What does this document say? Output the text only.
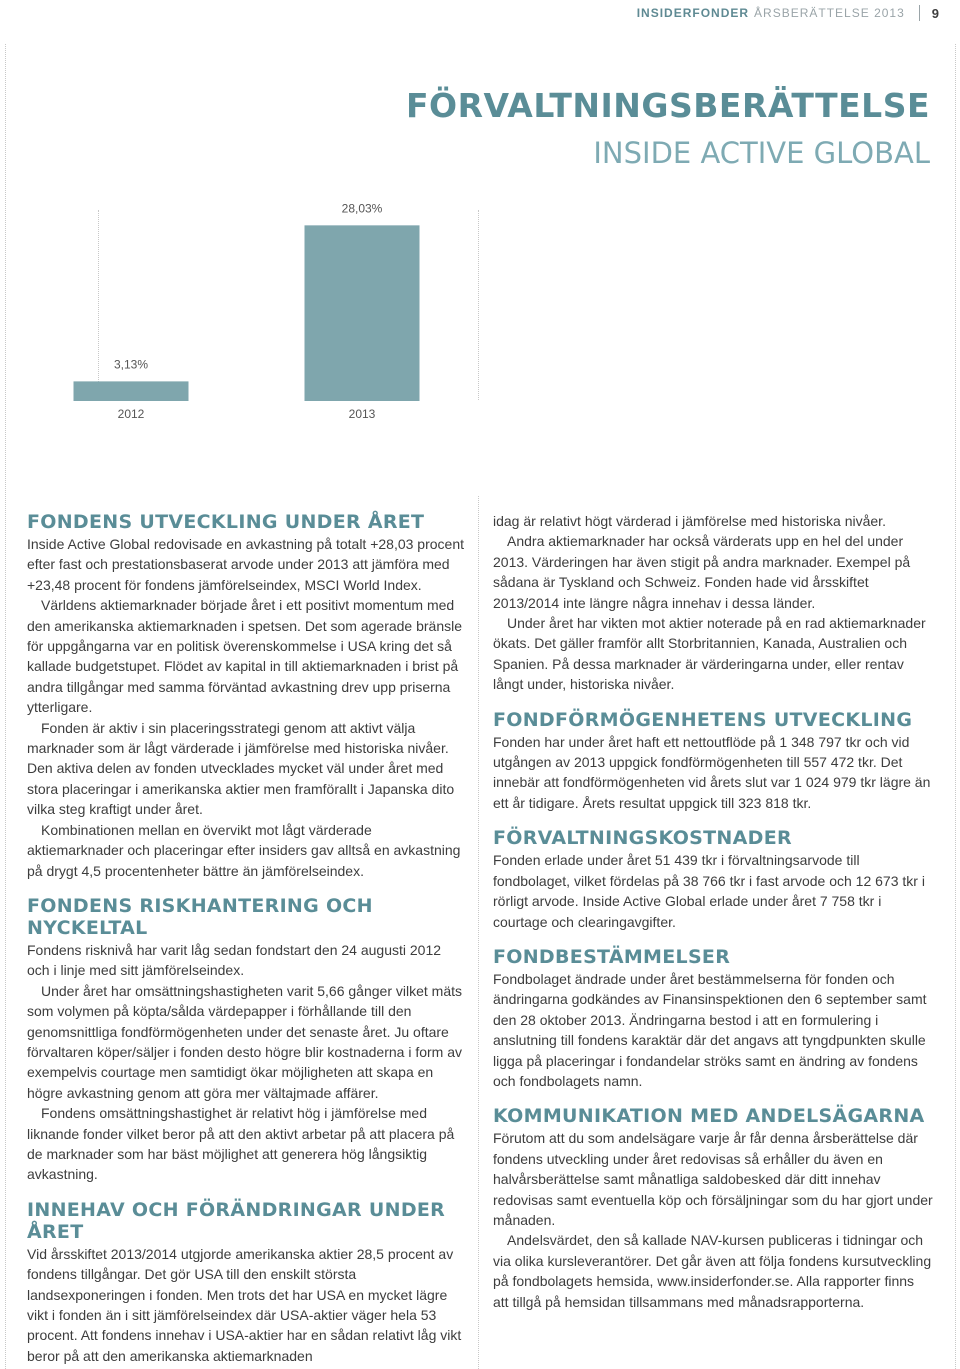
INSIDERFONDER ÅRSBERÄTTELSE 2013 9
FÖRVALTNINGSBERÄTTELSE
INSIDE ACTIVE GLOBAL
3,13%
2012
28,03%
2013
FONDENS UTVECKLING UNDER ÅRET

Inside Active Global redovisade en avkastning på totalt +28,03 procent efter fast och prestationsbaserat arvode under 2013 att jämföra med +23,48 procent för fondens jämförelseindex, MSCI World Index.

Världens aktiemarknader började året i ett positivt momentum med den amerikanska aktiemarknaden i spetsen. Det som agerade bränsle för uppgångarna var en politisk överenskommelse i USA kring det så kallade budgetstupet. Flödet av kapital in till aktiemarknaden i brist på andra tillgångar med samma förväntad avkastning drev upp priserna ytterligare.

Fonden är aktiv i sin placeringsstrategi genom att aktivt välja marknader som är lågt värderade i jämförelse med historiska nivåer. Den aktiva delen av fonden utvecklades mycket väl under året med stora placeringar i amerikanska aktier men framförallt i Japanska dito vilka steg kraftigt under året.

Kombinationen mellan en övervikt mot lågt värderade aktiemarknader och placeringar efter insiders gav alltså en avkastning på drygt 4,5 procentenheter bättre än jämförelseindex.

FONDENS RISKHANTERING OCH NYCKELTAL

Fondens risknivå har varit låg sedan fondstart den 24 augusti 2012 och i linje med sitt jämförelseindex.

Under året har omsättningshastigheten varit 5,66 gånger vilket mäts som volymen på köpta/sålda värdepapper i förhållande till den genomsnittliga fondförmögenheten under det senaste året. Ju oftare förvaltaren köper/säljer i fonden desto högre blir kostnaderna i form av exempelvis courtage men samtidigt ökar möjligheten att skapa en högre avkastning genom att göra mer vältajmade affärer.

Fondens omsättningshastighet är relativt hög i jämförelse med liknande fonder vilket beror på att den aktivt arbetar på att placera på de marknader som har bäst möjlighet att generera hög långsiktig avkastning.

INNEHAV OCH FÖRÄNDRINGAR UNDER ÅRET

Vid årsskiftet 2013/2014 utgjorde amerikanska aktier 28,5 procent av fondens tillgångar. Det gör USA till den enskilt största landsexponeringen i fonden. Men trots det har USA en mycket lägre vikt i fonden än i sitt jämförelseindex där USA-aktier väger hela 53 procent. Att fondens innehav i USA-aktier har en sådan relativt låg vikt beror på att den amerikanska aktiemarknaden

idag är relativt högt värderad i jämförelse med historiska nivåer.

Andra aktiemarknader har också värderats upp en hel del under 2013. Värderingen har även stigit på andra marknader. Exempel på sådana är Tyskland och Schweiz. Fonden hade vid årsskiftet 2013/2014 inte längre några innehav i dessa länder.

Under året har vikten mot aktier noterade på en rad aktiemarknader ökats. Det gäller framför allt Storbritannien, Kanada, Australien och Spanien. På dessa marknader är värderingarna under, eller rentav långt under, historiska nivåer.

FONDFÖRMÖGENHETENS UTVECKLING

Fonden har under året haft ett nettoutflöde på 1 348 797 tkr och vid utgången av 2013 uppgick fondförmögenheten till 557 472 tkr. Det innebär att fondförmögenheten vid årets slut var 1 024 979 tkr lägre än ett år tidigare. Årets resultat uppgick till 323 818 tkr.

FÖRVALTNINGSKOSTNADER

Fonden erlade under året 51 439 tkr i förvaltningsarvode till fondbolaget, vilket fördelas på 38 766 tkr i fast arvode och 12 673 tkr i rörligt arvode. Inside Active Global erlade under året 7 758 tkr i courtage och clearingavgifter.

FONDBESTÄMMELSER

Fondbolaget ändrade under året bestämmelserna för fonden och ändringarna godkändes av Finansinspektionen den 6 september samt den 28 oktober 2013. Ändringarna bestod i att en formulering i anslutning till fondens karaktär där det angavs att tyngdpunkten skulle ligga på placeringar i fondandelar ströks samt en ändring av fondens och fondbolagets namn.

KOMMUNIKATION MED ANDELSÄGARNA

Förutom att du som andelsägare varje år får denna årsberättelse där fondens utveckling under året redovisas så erhåller du även en halvårsberättelse samt månatliga saldobesked där ditt innehav redovisas samt eventuella köp och försäljningar som du har gjort under månaden.

Andelsvärdet, den så kallade NAV-kursen publiceras i tidningar och via olika kursleverantörer. Det går även att följa fondens kursutveckling på fondbolagets hemsida, www.insiderfonder.se. Alla rapporter finns att tillgå på hemsidan tillsammans med månadsrapporterna.
